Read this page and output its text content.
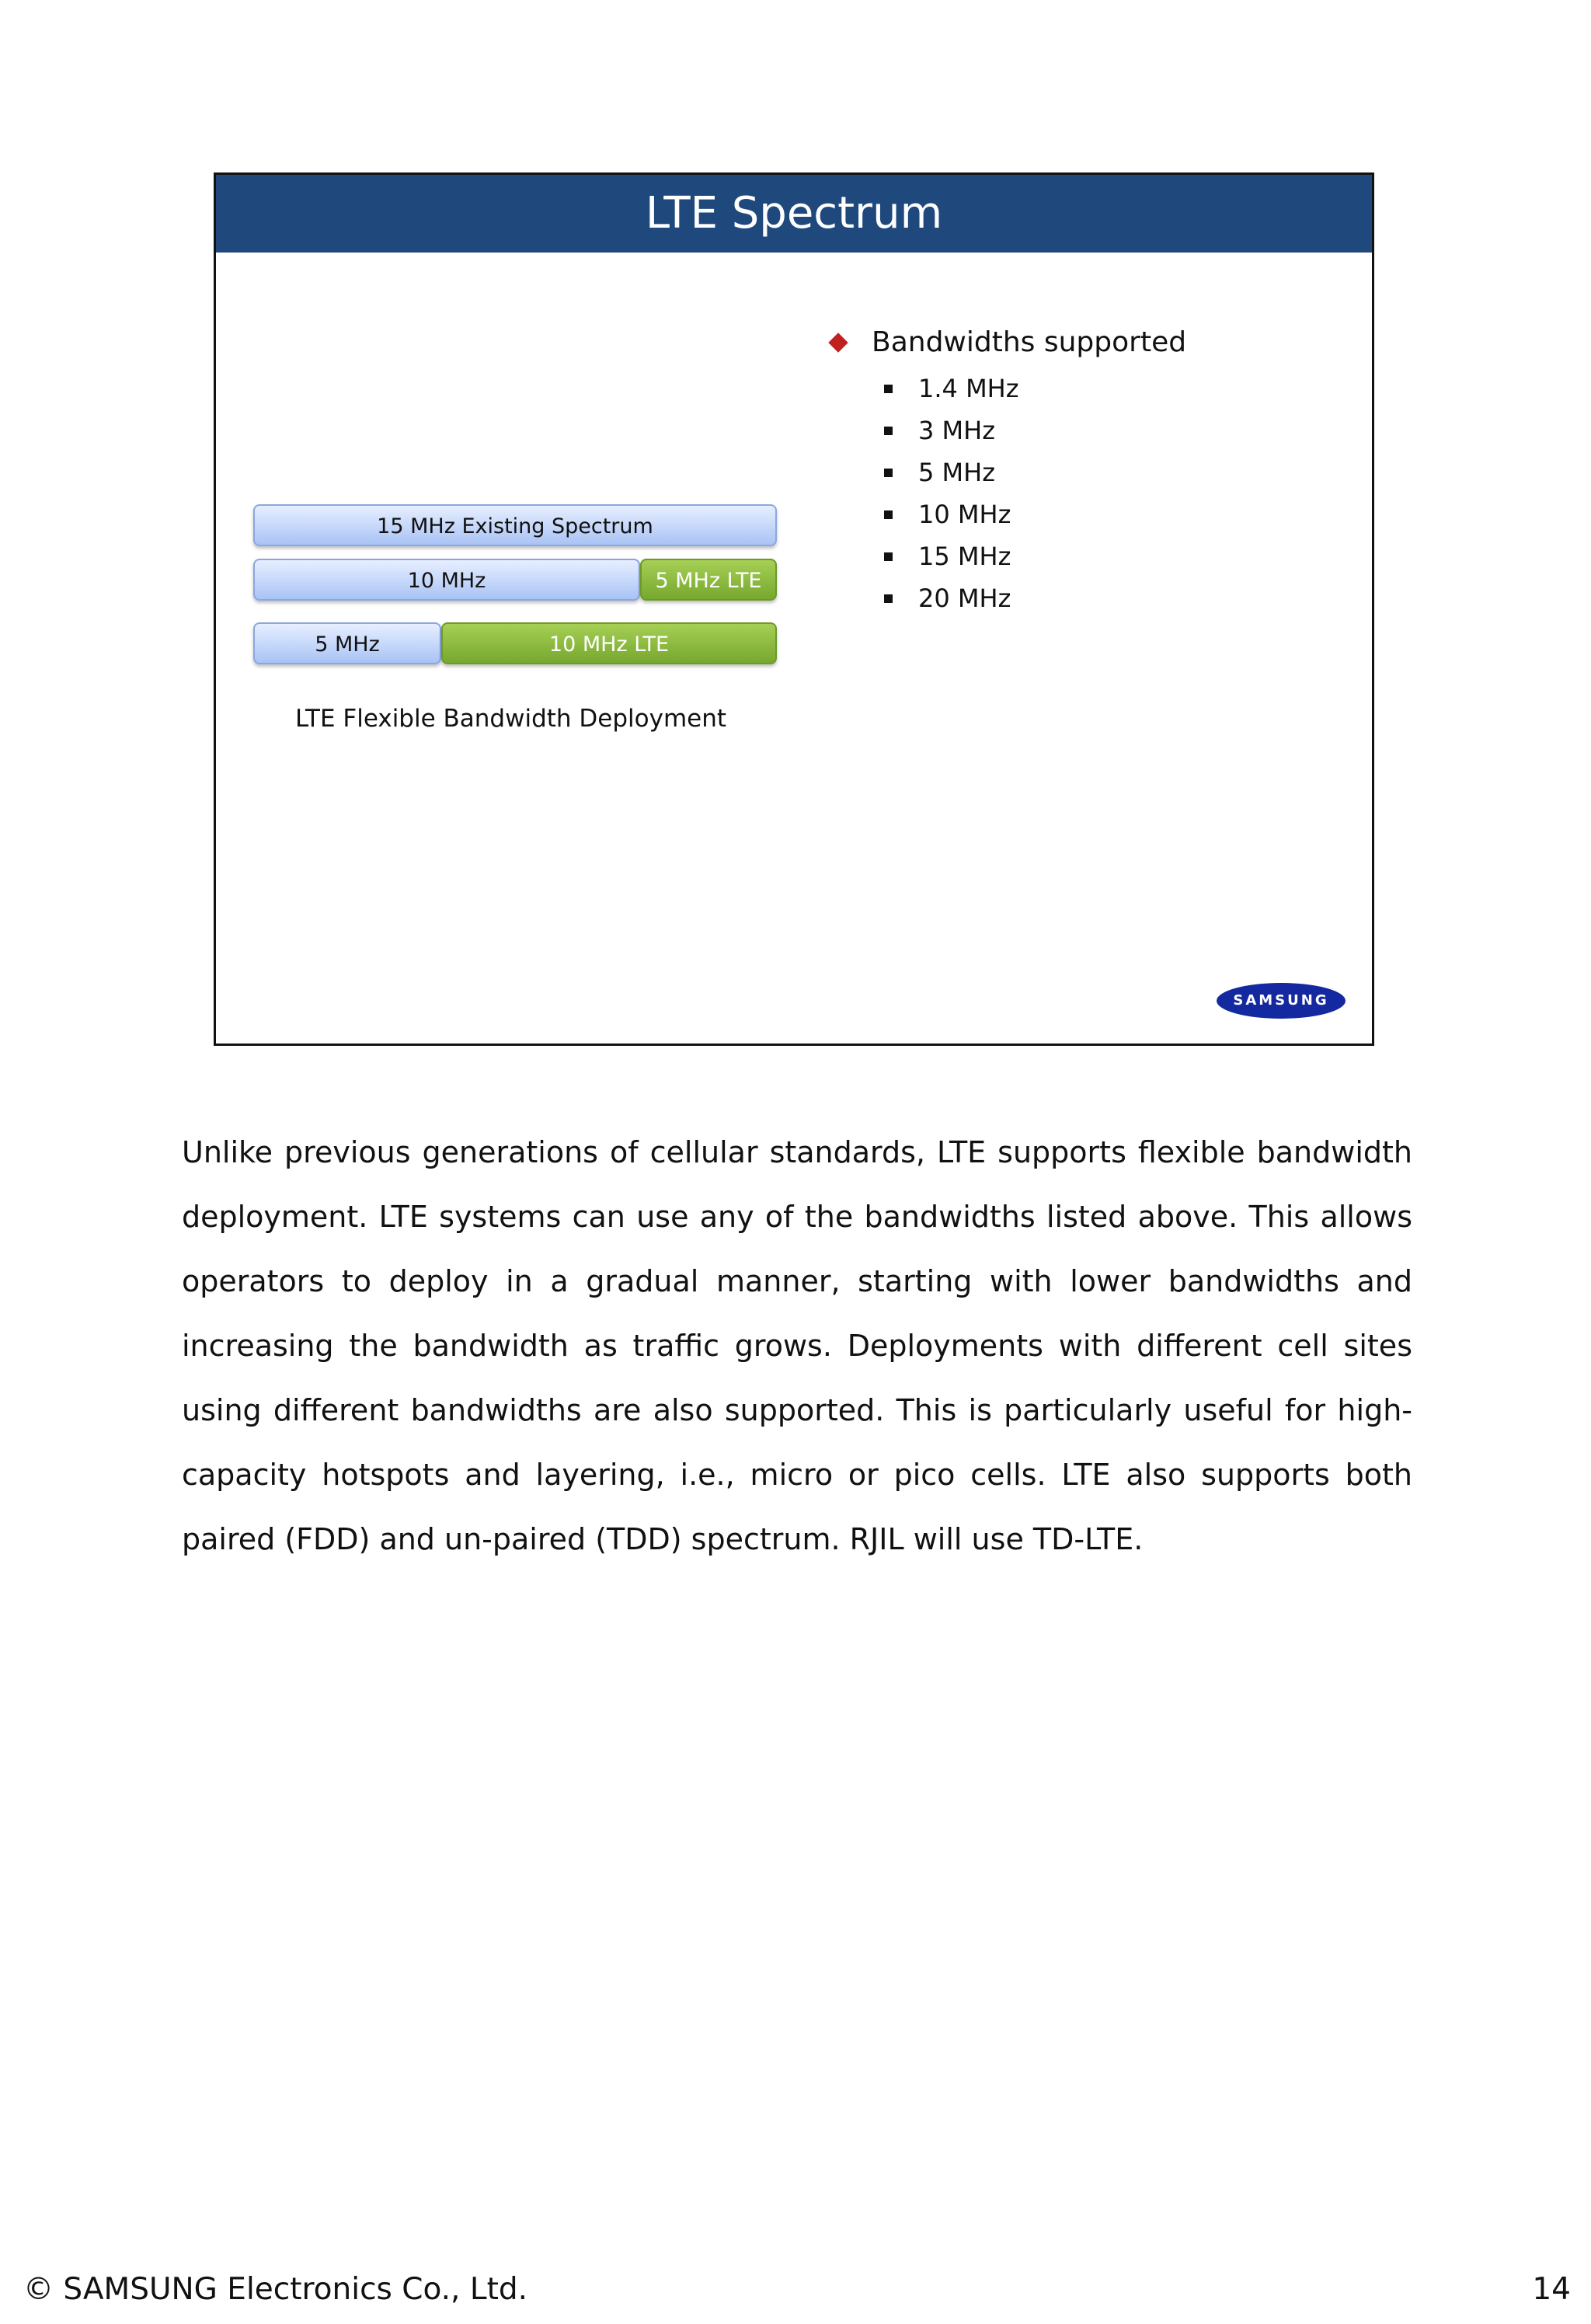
LTE Spectrum
15 MHz Existing Spectrum
10 MHz	5 MHz LTE
5 MHz	10 MHz LTE
LTE Flexible Bandwidth Deployment
Bandwidths supported
1.4 MHz
3 MHz
5 MHz
10 MHz
15 MHz
20 MHz
SAMSUNG

Unlike previous generations of cellular standards, LTE supports flexible bandwidth deployment. LTE systems can use any of the bandwidths listed above. This allows operators to deploy in a gradual manner, starting with lower bandwidths and increasing the bandwidth as traffic grows. Deployments with different cell sites using different bandwidths are also supported. This is particularly useful for high-capacity hotspots and layering, i.e., micro or pico cells. LTE also supports both paired (FDD) and un-paired (TDD) spectrum. RJIL will use TD-LTE.

© SAMSUNG Electronics Co., Ltd.	14
